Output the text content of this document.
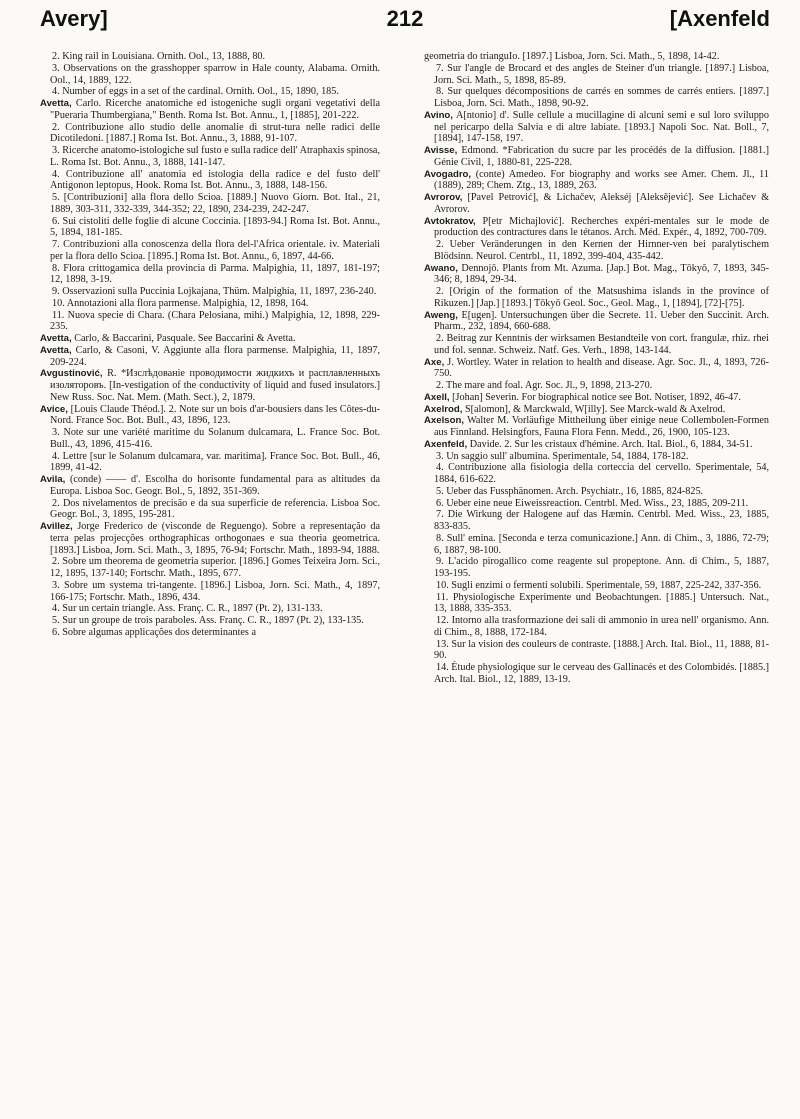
Avery]	212	[Axenfeld

2. King rail in Louisiana. Ornith. Ool., 13, 1888, 80.

3. Observations on the grasshopper sparrow in Hale county, Alabama. Ornith. Ool., 14, 1889, 122.

4. Number of eggs in a set of the cardinal. Ornith. Ool., 15, 1890, 185.

Avetta, Carlo. Ricerche anatomiche ed istogeniche sugli organi vegetativi della "Pueraria Thumbergiana," Benth. Roma Ist. Bot. Annu., 1, [1885], 201-222.

2. Contribuzione allo studio delle anomalie di strut-tura nelle radici delle Dicotiledoni. [1887.] Roma Ist. Bot. Annu., 3, 1888, 91-107.

3. Ricerche anatomo-istologiche sul fusto e sulla radice dell' Atraphaxis spinosa, L. Roma Ist. Bot. Annu., 3, 1888, 141-147.

4. Contribuzione all' anatomia ed istologia della radice e del fusto dell' Antigonon leptopus, Hook. Roma Ist. Bot. Annu., 3, 1888, 148-156.

5. [Contribuzioni] alla flora dello Scioa. [1889.] Nuovo Giorn. Bot. Ital., 21, 1889, 303-311, 332-339, 344-352; 22, 1890, 234-239, 242-247.

6. Sui cistoliti delle foglie di alcune Coccinia. [1893-94.] Roma Ist. Bot. Annu., 5, 1894, 181-185.

7. Contribuzioni alla conoscenza della flora del-l'Africa orientale. iv. Materiali per la flora dello Scioa. [1895.] Roma Ist. Bot. Annu., 6, 1897, 44-66.

8. Flora crittogamica della provincia di Parma. Malpighia, 11, 1897, 181-197; 12, 1898, 3-19.

9. Osservazioni sulla Puccinia Lojkajana, Thüm. Malpighia, 11, 1897, 236-240.

10. Annotazioni alla flora parmense. Malpighia, 12, 1898, 164.

11. Nuova specie di Chara. (Chara Pelosiana, mihi.) Malpighia, 12, 1898, 229-235.

Avetta, Carlo, & Baccarini, Pasquale. See Baccarini & Avetta.

Avetta, Carlo, & Casoni, V. Aggiunte alla flora parmense. Malpighia, 11, 1897, 209-224.

Avgustinović, R. *Изслѣдованіе проводимости жидкихъ и расплавленныхъ изоляторовъ. [In-vestigation of the conductivity of liquid and fused insulators.] New Russ. Soc. Nat. Mem. (Math. Sect.), 2, 1879.

Avice, [Louis Claude Théod.]. 2. Note sur un bois d'ar-bousiers dans les Côtes-du-Nord. France Soc. Bot. Bull., 43, 1896, 123.

3. Note sur une variété maritime du Solanum dulcamara, L. France Soc. Bot. Bull., 43, 1896, 415-416.

4. Lettre [sur le Solanum dulcamara, var. maritima]. France Soc. Bot. Bull., 46, 1899, 41-42.

Avila, (conde) —— d'. Escolha do horisonte fundamental para as altitudes da Europa. Lisboa Soc. Geogr. Bol., 5, 1892, 351-369.

2. Dos nivelamentos de precisão e da sua superficie de referencia. Lisboa Soc. Geogr. Bol., 3, 1895, 195-281.

Avillez, Jorge Frederico de (visconde de Reguengo). Sobre a representação da terra pelas projecções orthographicas orthogonaes e sua theoria geometrica. [1893.] Lisboa, Jorn. Sci. Math., 3, 1895, 76-94; Fortschr. Math., 1893-94, 1888.

2. Sobre um theorema de geometria superior. [1896.] Gomes Teixeira Jorn. Sci., 12, 1895, 137-140; Fortschr. Math., 1895, 677.

3. Sobre um systema tri-tangente. [1896.] Lisboa, Jorn. Sci. Math., 4, 1897, 166-175; Fortschr. Math., 1896, 434.

4. Sur un certain triangle. Ass. Franç. C. R., 1897 (Pt. 2), 131-133.

5. Sur un groupe de trois paraboles. Ass. Franç. C. R., 1897 (Pt. 2), 133-135.

6. Sobre algumas applicações dos determinantes a

geometria do trianguIo. [1897.] Lisboa, Jorn. Sci. Math., 5, 1898, 14-42.

7. Sur l'angle de Brocard et des angles de Steiner d'un triangle. [1897.] Lisboa, Jorn. Sci. Math., 5, 1898, 85-89.

8. Sur quelques décompositions de carrés en sommes de carrés entiers. [1897.] Lisboa, Jorn. Sci. Math., 1898, 90-92.

Avino, A[ntonio] d'. Sulle cellule a mucillagine di alcuni semi e sul loro sviluppo nel pericarpo della Salvia e di altre labiate. [1893.] Napoli Soc. Nat. Boll., 7, [1894], 147-158, 197.

Avisse, Edmond. *Fabrication du sucre par les procédés de la diffusion. [1881.] Génie Civil, 1, 1880-81, 225-228.

Avogadro, (conte) Amedeo. For biography and works see Amer. Chem. Jl., 11 (1889), 289; Chem. Ztg., 13, 1889, 263.

Avrorov, [Pavel Petrović], & Lichačev, Alekséj [Aleksějević]. See Lichačev & Avrorov.

Avtokratov, P[etr Michajlović]. Recherches expéri-mentales sur le mode de production des contractures dans le tétanos. Arch. Méd. Expér., 4, 1892, 700-709.

2. Ueber Veränderungen in den Kernen der Hirnner-ven bei paralytischem Blödsinn. Neurol. Centrbl., 11, 1892, 399-404, 435-442.

Awano, Dennojō. Plants from Mt. Azuma. [Jap.] Bot. Mag., Tōkyō, 7, 1893, 345-346; 8, 1894, 29-34.

2. [Origin of the formation of the Matsushima islands in the province of Rikuzen.] [Jap.] [1893.] Tōkyō Geol. Soc., Geol. Mag., 1, [1894], [72]-[75].

Aweng, E[ugen]. Untersuchungen über die Secrete. 11. Ueber den Succinit. Arch. Pharm., 232, 1894, 660-688.

2. Beitrag zur Kenntnis der wirksamen Bestandteile von cort. frangulæ, rhiz. rhei und fol. sennæ. Schweiz. Natf. Ges. Verh., 1898, 143-144.

Axe, J. Wortley. Water in relation to health and disease. Agr. Soc. Jl., 4, 1893, 726-750.

2. The mare and foal. Agr. Soc. Jl., 9, 1898, 213-270.

Axell, [Johan] Severin. For biographical notice see Bot. Notiser, 1892, 46-47.

Axelrod, S[alomon], & Marckwald, W[illy]. See Marck-wald & Axelrod.

Axelson, Walter M. Vorläufige Mittheilung über einige neue Collembolen-Formen aus Finnland. Helsingfors, Fauna Flora Fenn. Medd., 26, 1900, 105-123.

Axenfeld, Davide. 2. Sur les cristaux d'hémine. Arch. Ital. Biol., 6, 1884, 34-51.

3. Un saggio sull' albumina. Sperimentale, 54, 1884, 178-182.

4. Contribuzione alla fisiologia della corteccia del cervello. Sperimentale, 54, 1884, 616-622.

5. Ueber das Fussphänomen. Arch. Psychiatr., 16, 1885, 824-825.

6. Ueber eine neue Eiweissreaction. Centrbl. Med. Wiss., 23, 1885, 209-211.

7. Die Wirkung der Halogene auf das Hæmin. Centrbl. Med. Wiss., 23, 1885, 833-835.

8. Sull' emina. [Seconda e terza comunicazione.] Ann. di Chim., 3, 1886, 72-79; 6, 1887, 98-100.

9. L'acido pirogallico come reagente sul propeptone. Ann. di Chim., 5, 1887, 193-195.

10. Sugli enzimi o fermenti solubili. Sperimentale, 59, 1887, 225-242, 337-356.

11. Physiologische Experimente und Beobachtungen. [1885.] Untersuch. Nat., 13, 1888, 335-353.

12. Intorno alla trasformazione dei sali di ammonio in urea nell' organismo. Ann. di Chim., 8, 1888, 172-184.

13. Sur la vision des couleurs de contraste. [1888.] Arch. Ital. Biol., 11, 1888, 81-90.

14. Étude physiologique sur le cerveau des Gallinacés et des Colombidés. [1885.] Arch. Ital. Biol., 12, 1889, 13-19.
